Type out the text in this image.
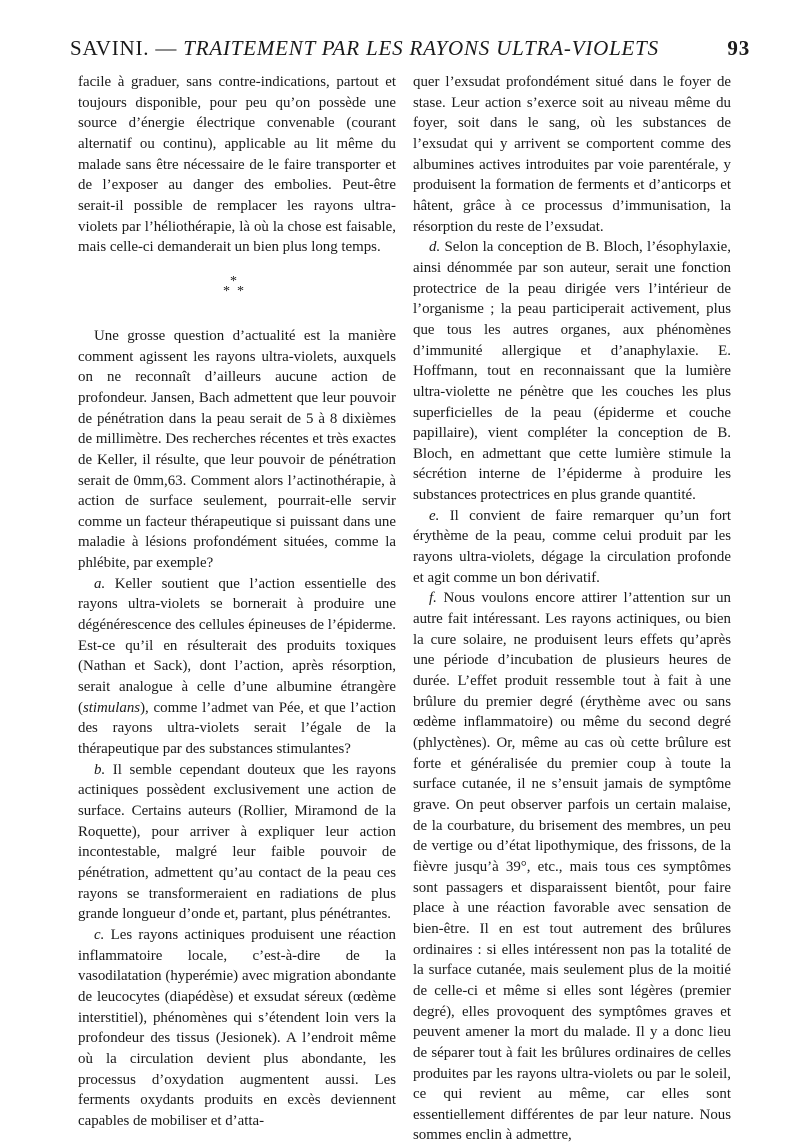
SAVINI. — TRAITEMENT PAR LES RAYONS ULTRA-VIOLETS	93

facile à graduer, sans contre-indications, partout et toujours disponible, pour peu qu’on possède une source d’énergie électrique convenable (courant alternatif ou continu), applicable au lit même du malade sans être nécessaire de le faire transporter et de l’exposer au danger des embolies. Peut-être serait-il possible de remplacer les rayons ultra-violets par l’héliothérapie, là où la chose est faisable, mais celle-ci demanderait un bien plus long temps.

*
* *

Une grosse question d’actualité est la manière comment agissent les rayons ultra-violets, auxquels on ne reconnaît d’ailleurs aucune action de profondeur. Jansen, Bach admettent que leur pouvoir de pénétration dans la peau serait de 5 à 8 dixièmes de millimètre. Des recherches récentes et très exactes de Keller, il résulte, que leur pouvoir de pénétration serait de 0mm,63. Comment alors l’actinothérapie, à action de surface seulement, pourrait-elle servir comme un facteur thérapeutique si puissant dans une maladie à lésions profondément situées, comme la phlébite, par exemple?

a. Keller soutient que l’action essentielle des rayons ultra-violets se bornerait à produire une dégénérescence des cellules épineuses de l’épiderme. Est-ce qu’il en résulterait des produits toxiques (Nathan et Sack), dont l’action, après résorption, serait analogue à celle d’une albumine étrangère (stimulans), comme l’admet van Pée, et que l’action des rayons ultra-violets serait l’égale de la thérapeutique par des substances stimulantes?

b. Il semble cependant douteux que les rayons actiniques possèdent exclusivement une action de surface. Certains auteurs (Rollier, Miramond de la Roquette), pour arriver à expliquer leur action incontestable, malgré leur faible pouvoir de pénétration, admettent qu’au contact de la peau ces rayons se transformeraient en radiations de plus grande longueur d’onde et, partant, plus pénétrantes.

c. Les rayons actiniques produisent une réaction inflammatoire locale, c’est-à-dire de la vasodilatation (hyperémie) avec migration abondante de leucocytes (diapédèse) et exsudat séreux (œdème interstitiel), phénomènes qui s’étendent loin vers la profondeur des tissus (Jesionek). A l’endroit même où la circulation devient plus abondante, les processus d’oxydation augmentent aussi. Les ferments oxydants produits en excès deviennent capables de mobiliser et d’atta-

quer l’exsudat profondément situé dans le foyer de stase. Leur action s’exerce soit au niveau même du foyer, soit dans le sang, où les substances de l’exsudat qui y arrivent se comportent comme des albumines actives introduites par voie parentérale, y produisent la formation de ferments et d’anticorps et hâtent, grâce à ce processus d’immunisation, la résorption du reste de l’exsudat.

d. Selon la conception de B. Bloch, l’ésophylaxie, ainsi dénommée par son auteur, serait une fonction protectrice de la peau dirigée vers l’intérieur de l’organisme ; la peau participerait activement, plus que tous les autres organes, aux phénomènes d’immunité allergique et d’anaphylaxie. E. Hoffmann, tout en reconnaissant que la lumière ultra-violette ne pénètre que les couches les plus superficielles de la peau (épiderme et couche papillaire), vient compléter la conception de B. Bloch, en admettant que cette lumière stimule la sécrétion interne de l’épiderme à produire les substances protectrices en plus grande quantité.

e. Il convient de faire remarquer qu’un fort érythème de la peau, comme celui produit par les rayons ultra-violets, dégage la circulation profonde et agit comme un bon dérivatif.

f. Nous voulons encore attirer l’attention sur un autre fait intéressant. Les rayons actiniques, ou bien la cure solaire, ne produisent leurs effets qu’après une période d’incubation de plusieurs heures de durée. L’effet produit ressemble tout à fait à une brûlure du premier degré (érythème avec ou sans œdème inflammatoire) ou même du second degré (phlyctènes). Or, même au cas où cette brûlure est forte et généralisée du premier coup à toute la surface cutanée, il ne s’ensuit jamais de symptôme grave. On peut observer parfois un certain malaise, de la courbature, du brisement des membres, un peu de vertige ou d’état lipothymique, des frissons, de la fièvre jusqu’à 39°, etc., mais tous ces symptômes sont passagers et disparaissent bientôt, pour faire place à une réaction favorable avec sensation de bien-être. Il en est tout autrement des brûlures ordinaires : si elles intéressent non pas la totalité de la surface cutanée, mais seulement plus de la moitié de celle-ci et même si elles sont légères (premier degré), elles provoquent des symptômes graves et peuvent amener la mort du malade. Il y a donc lieu de séparer tout à fait les brûlures ordinaires de celles produites par les rayons ultra-violets ou par le soleil, ce qui revient au même, car elles sont essentiellement différentes de par leur nature. Nous sommes enclin à admettre,
